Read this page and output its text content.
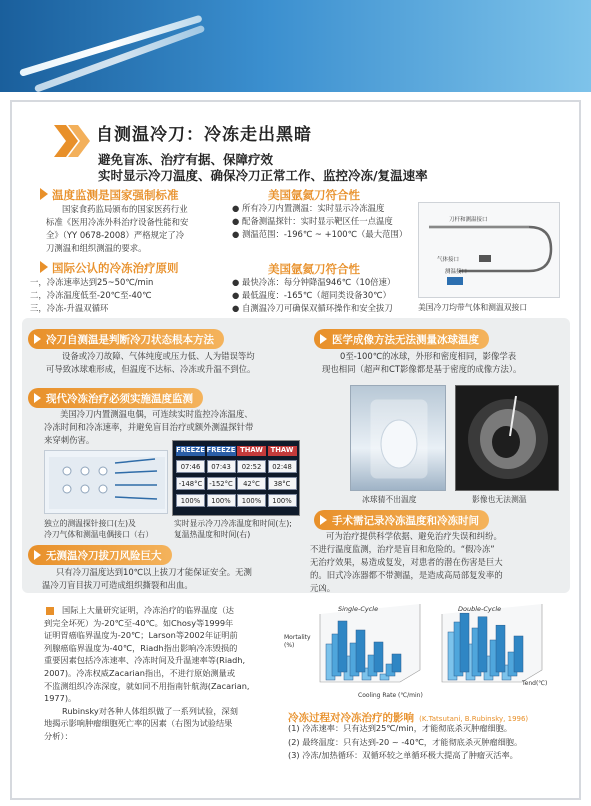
自测温冷刀：冷冻走出黑暗
避免盲冻、治疗有据、保障疗效
实时显示冷刀温度、确保冷刀正常工作、监控冷冻/复温速率
温度监测是国家强制标准
国家食药监局颁布的国家医药行业
标准《医用冷冻外科治疗设备性能和安
全》（YY 0678-2008）严格规定了冷
刀测温和组织测温的要求。
美国氩氦刀符合性
● 所有冷刀内置测温：实时显示冷冻温度
● 配备测温探针：实时显示靶区任一点温度
● 测温范围：-196℃ ~ +100℃（最大范围）
刀杆和测温接口
气体接口
测温接口
美国冷刀均带气体和测温双接口
国际公认的冷冻治疗原则
一，冷冻速率达到25~50℃/min
二，冷冻温度低至-20℃至-40℃
三，冷冻-升温双循环
美国氩氦刀符合性
● 最快冷冻：每分钟降温946℃（10倍速）
● 最低温度：-165℃（超同类设备30℃）
● 自测温冷刀可确保双循环操作和安全拔刀
冷刀自测温是判断冷刀状态根本方法
设备或冷刀故障、气体纯度或压力低、人为错误等均
可导致冰球难形成，但温度不达标、冷冻或升温不到位。
医学成像方法无法测量冰球温度
0至-100℃的冰球，外形和密度相同，影像学表
现也相同（超声和CT影像都是基于密度的成像方法）。
现代冷冻治疗必须实施温度监测
美国冷刀内置测温电偶，可连续实时监控冷冻温度、
冷冻时间和冷冻速率，并避免盲目治疗或额外测温探针带
来穿刺伤害。
独立的测温探针接口(左)及
冷刀气体和测温电偶接口（右）
FREEZE
07:46
-148°C
100%
FREEZE
07:43
-152°C
100%
THAW
02:52
42°C
100%
THAW
02:48
38°C
100%
实时显示冷刀冷冻温度和时间(左);
复温热温度和时间(右)
冰球猜不出温度	影像也无法测温
手术需记录冷冻温度和冷冻时间
可为治疗提供科学依据、避免治疗失误和纠纷。
不进行温度监测，治疗是盲目和危险的。“假冷冻”
无治疗效果，易造成复发，对患者的潜在伤害是巨大
的。旧式冷冻器都不带测温，是造成高局部复发率的
元凶。
无测温冷刀拔刀风险巨大
只有冷刀温度达到10℃以上拔刀才能保证安全。无测
温冷刀盲目拔刀可造成组织撕裂和出血。
国际上大量研究证明，冷冻治疗的临界温度（达
到完全坏死）为-20℃至-40℃。如Chosy等1999年
证明胃癌临界温度为-20℃；Larson等2002年证明前
列腺癌临界温度为-40℃，Riadh指出影响冷冻毁损的
重要因素包括冷冻速率、冷冻时间及升温速率等(Riadh,
2007)。冷冻权威Zacarian指出，不进行原始测量或
不监测组织冷冻深度，就如同不用指南针航海(Zacarian,
1977)。
Rubinsky对各种人体组织做了一系列试验，深刻
地揭示影响肿瘤细胞死亡率的因素（右图为试验结果
分析）：
Single-Cycle	Double-Cycle
Mortality (%)
Cooling Rate (℃/min)
Tend(℃)
冷冻过程对冷冻治疗的影响 (K.Tatsutani, B.Rubinsky, 1996)
(1) 冷冻速率：只有达到25℃/min，才能彻底杀灭肿瘤细胞。
(2) 最终温度：只有达到-20 ~ -40℃，才能彻底杀灭肿瘤细胞。
(3) 冷冻/加热循环：双循环较之单循环极大提高了肿瘤灭活率。
